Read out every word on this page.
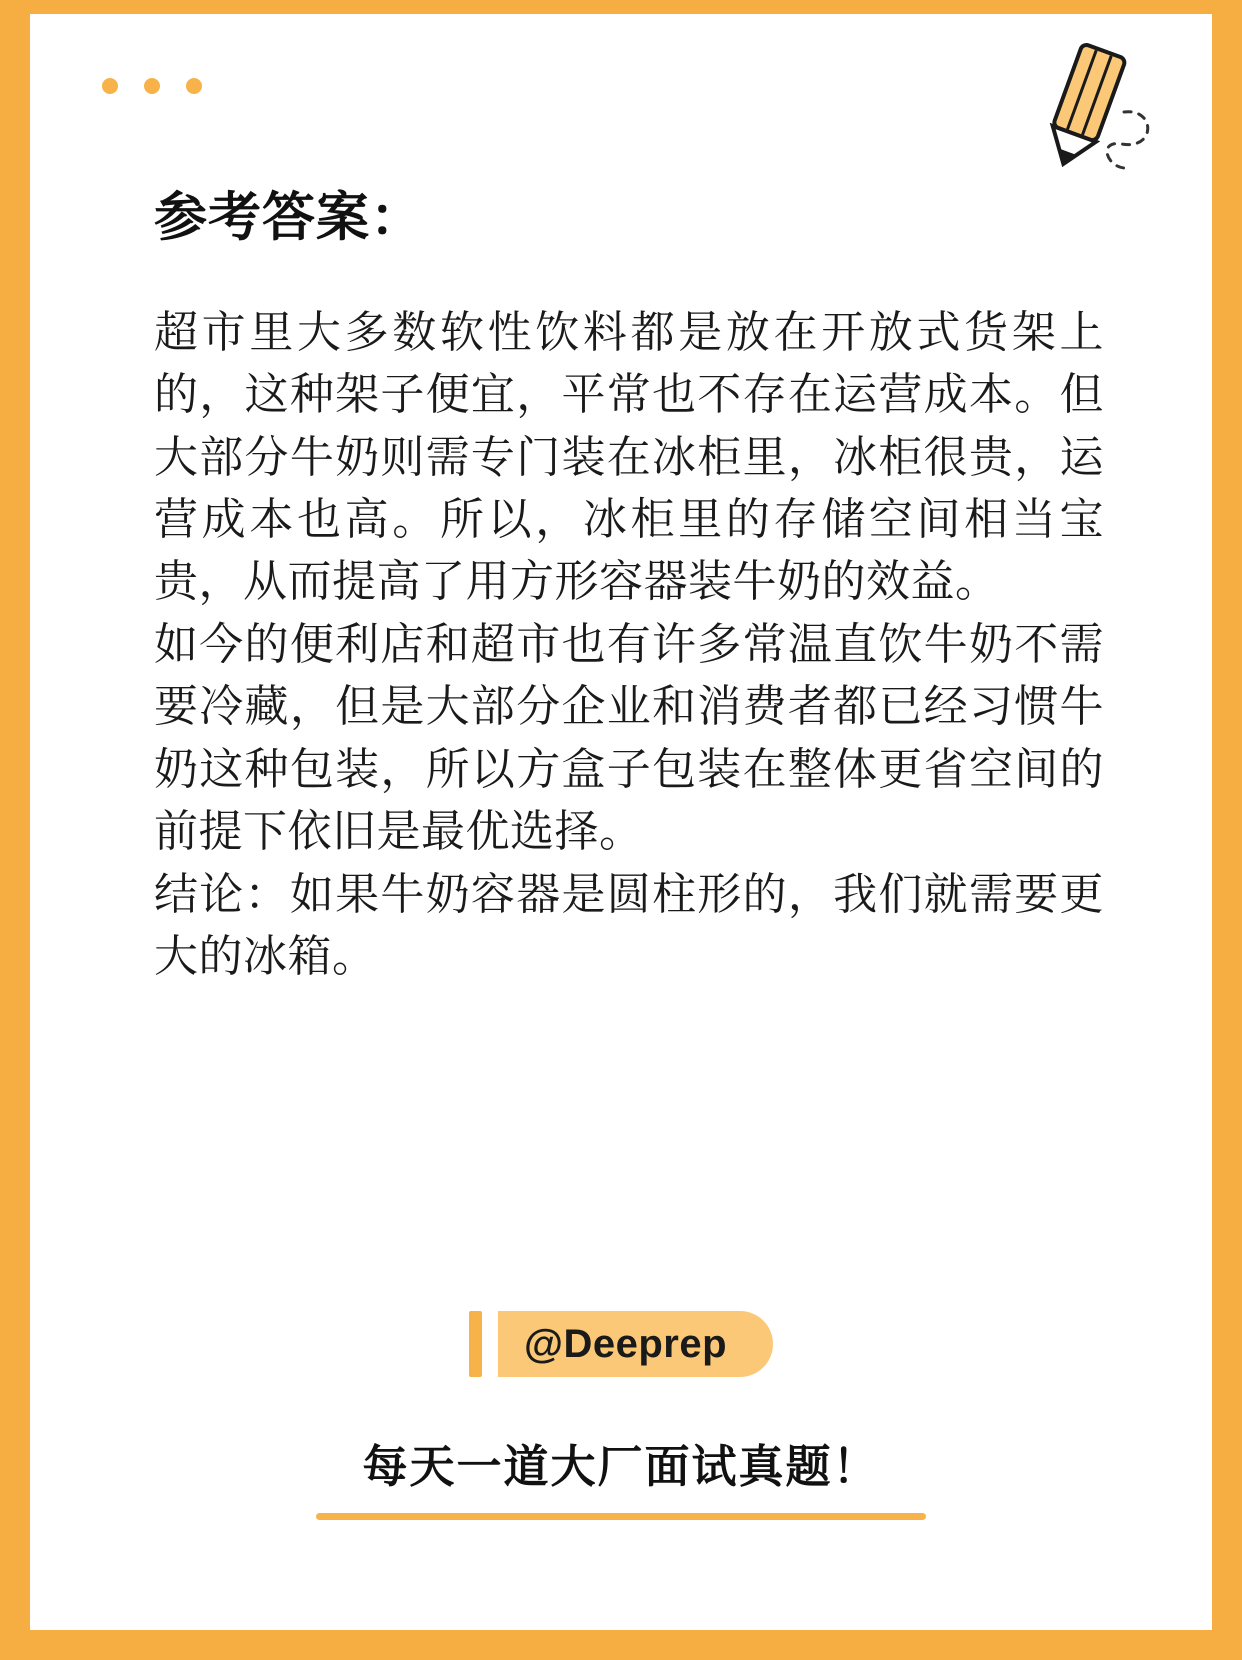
参考答案：

超市里大多数软性饮料都是放在开放式货架上的，这种架子便宜，平常也不存在运营成本。但大部分牛奶则需专门装在冰柜里，冰柜很贵，运营成本也高。所以，冰柜里的存储空间相当宝贵，从而提高了用方形容器装牛奶的效益。

如今的便利店和超市也有许多常温直饮牛奶不需要冷藏，但是大部分企业和消费者都已经习惯牛奶这种包装，所以方盒子包装在整体更省空间的前提下依旧是最优选择。

结论：如果牛奶容器是圆柱形的，我们就需要更大的冰箱。

@Deeprep
每天一道大厂面试真题！
